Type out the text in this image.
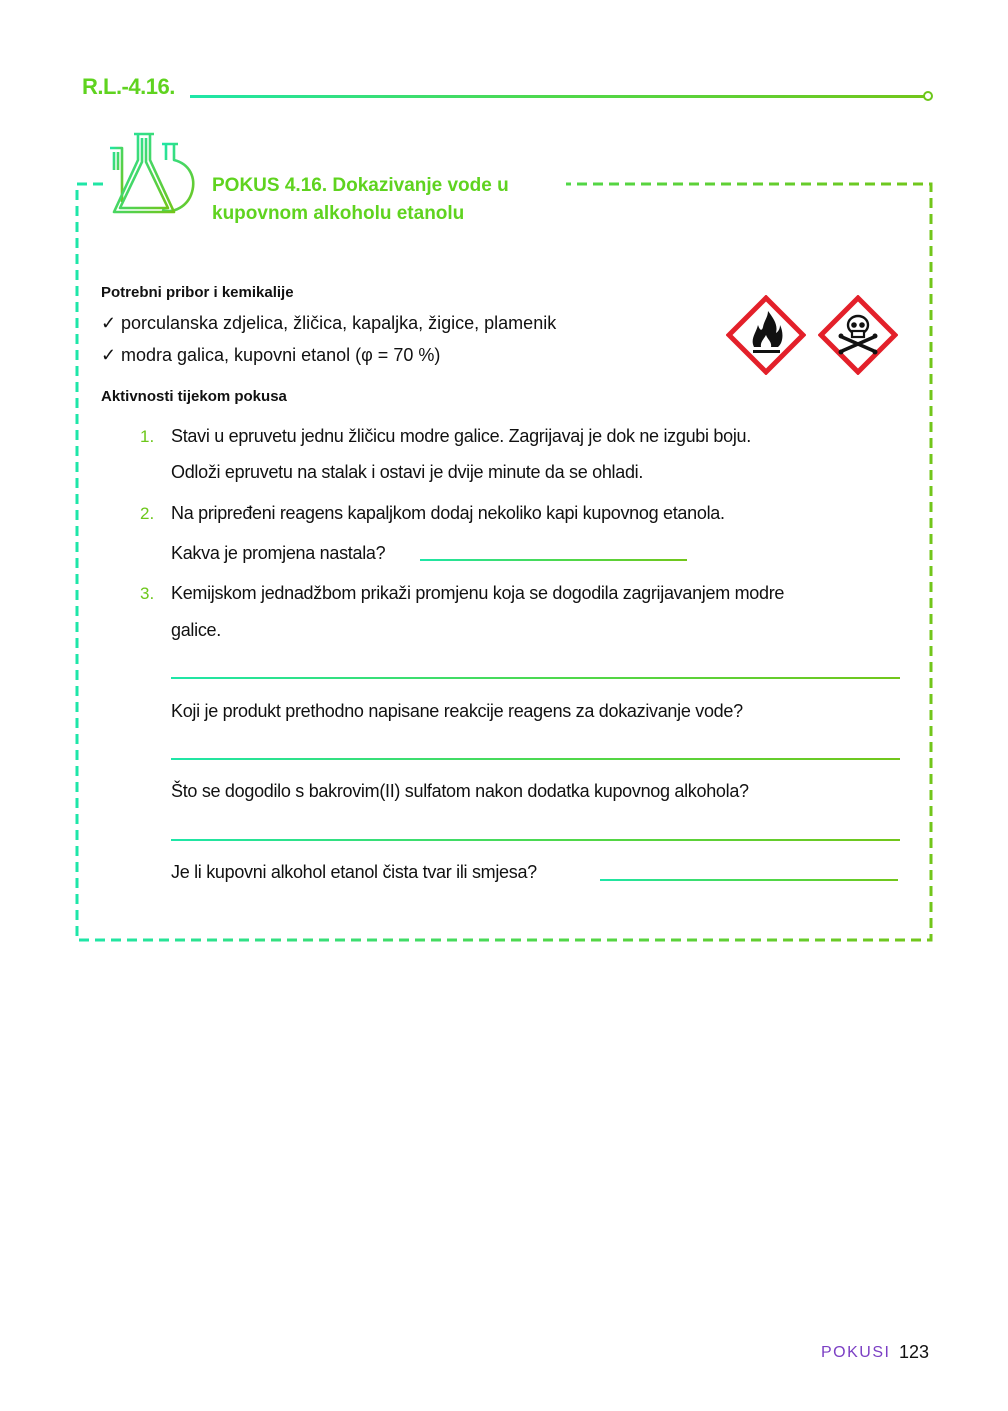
R.L.-4.16.
POKUS 4.16. Dokazivanje vode u
kupovnom alkoholu etanolu
Potrebni pribor i kemikalije
✓ porculanska zdjelica, žličica, kapaljka, žigice, plamenik
✓ modra galica, kupovni etanol (φ = 70 %)
Aktivnosti tijekom pokusa
1. Stavi u epruvetu jednu žličicu modre galice. Zagrijavaj je dok ne izgubi boju.
Odloži epruvetu na stalak i ostavi je dvije minute da se ohladi.
2. Na pripređeni reagens kapaljkom dodaj nekoliko kapi kupovnog etanola.
Kakva je promjena nastala?
3. Kemijskom jednadžbom prikaži promjenu koja se dogodila zagrijavanjem modre
galice.
Koji je produkt prethodno napisane reakcije reagens za dokazivanje vode?
Što se dogodilo s bakrovim(II) sulfatom nakon dodatka kupovnog alkohola?
Je li kupovni alkohol etanol čista tvar ili smjesa?
POKUSI 123
